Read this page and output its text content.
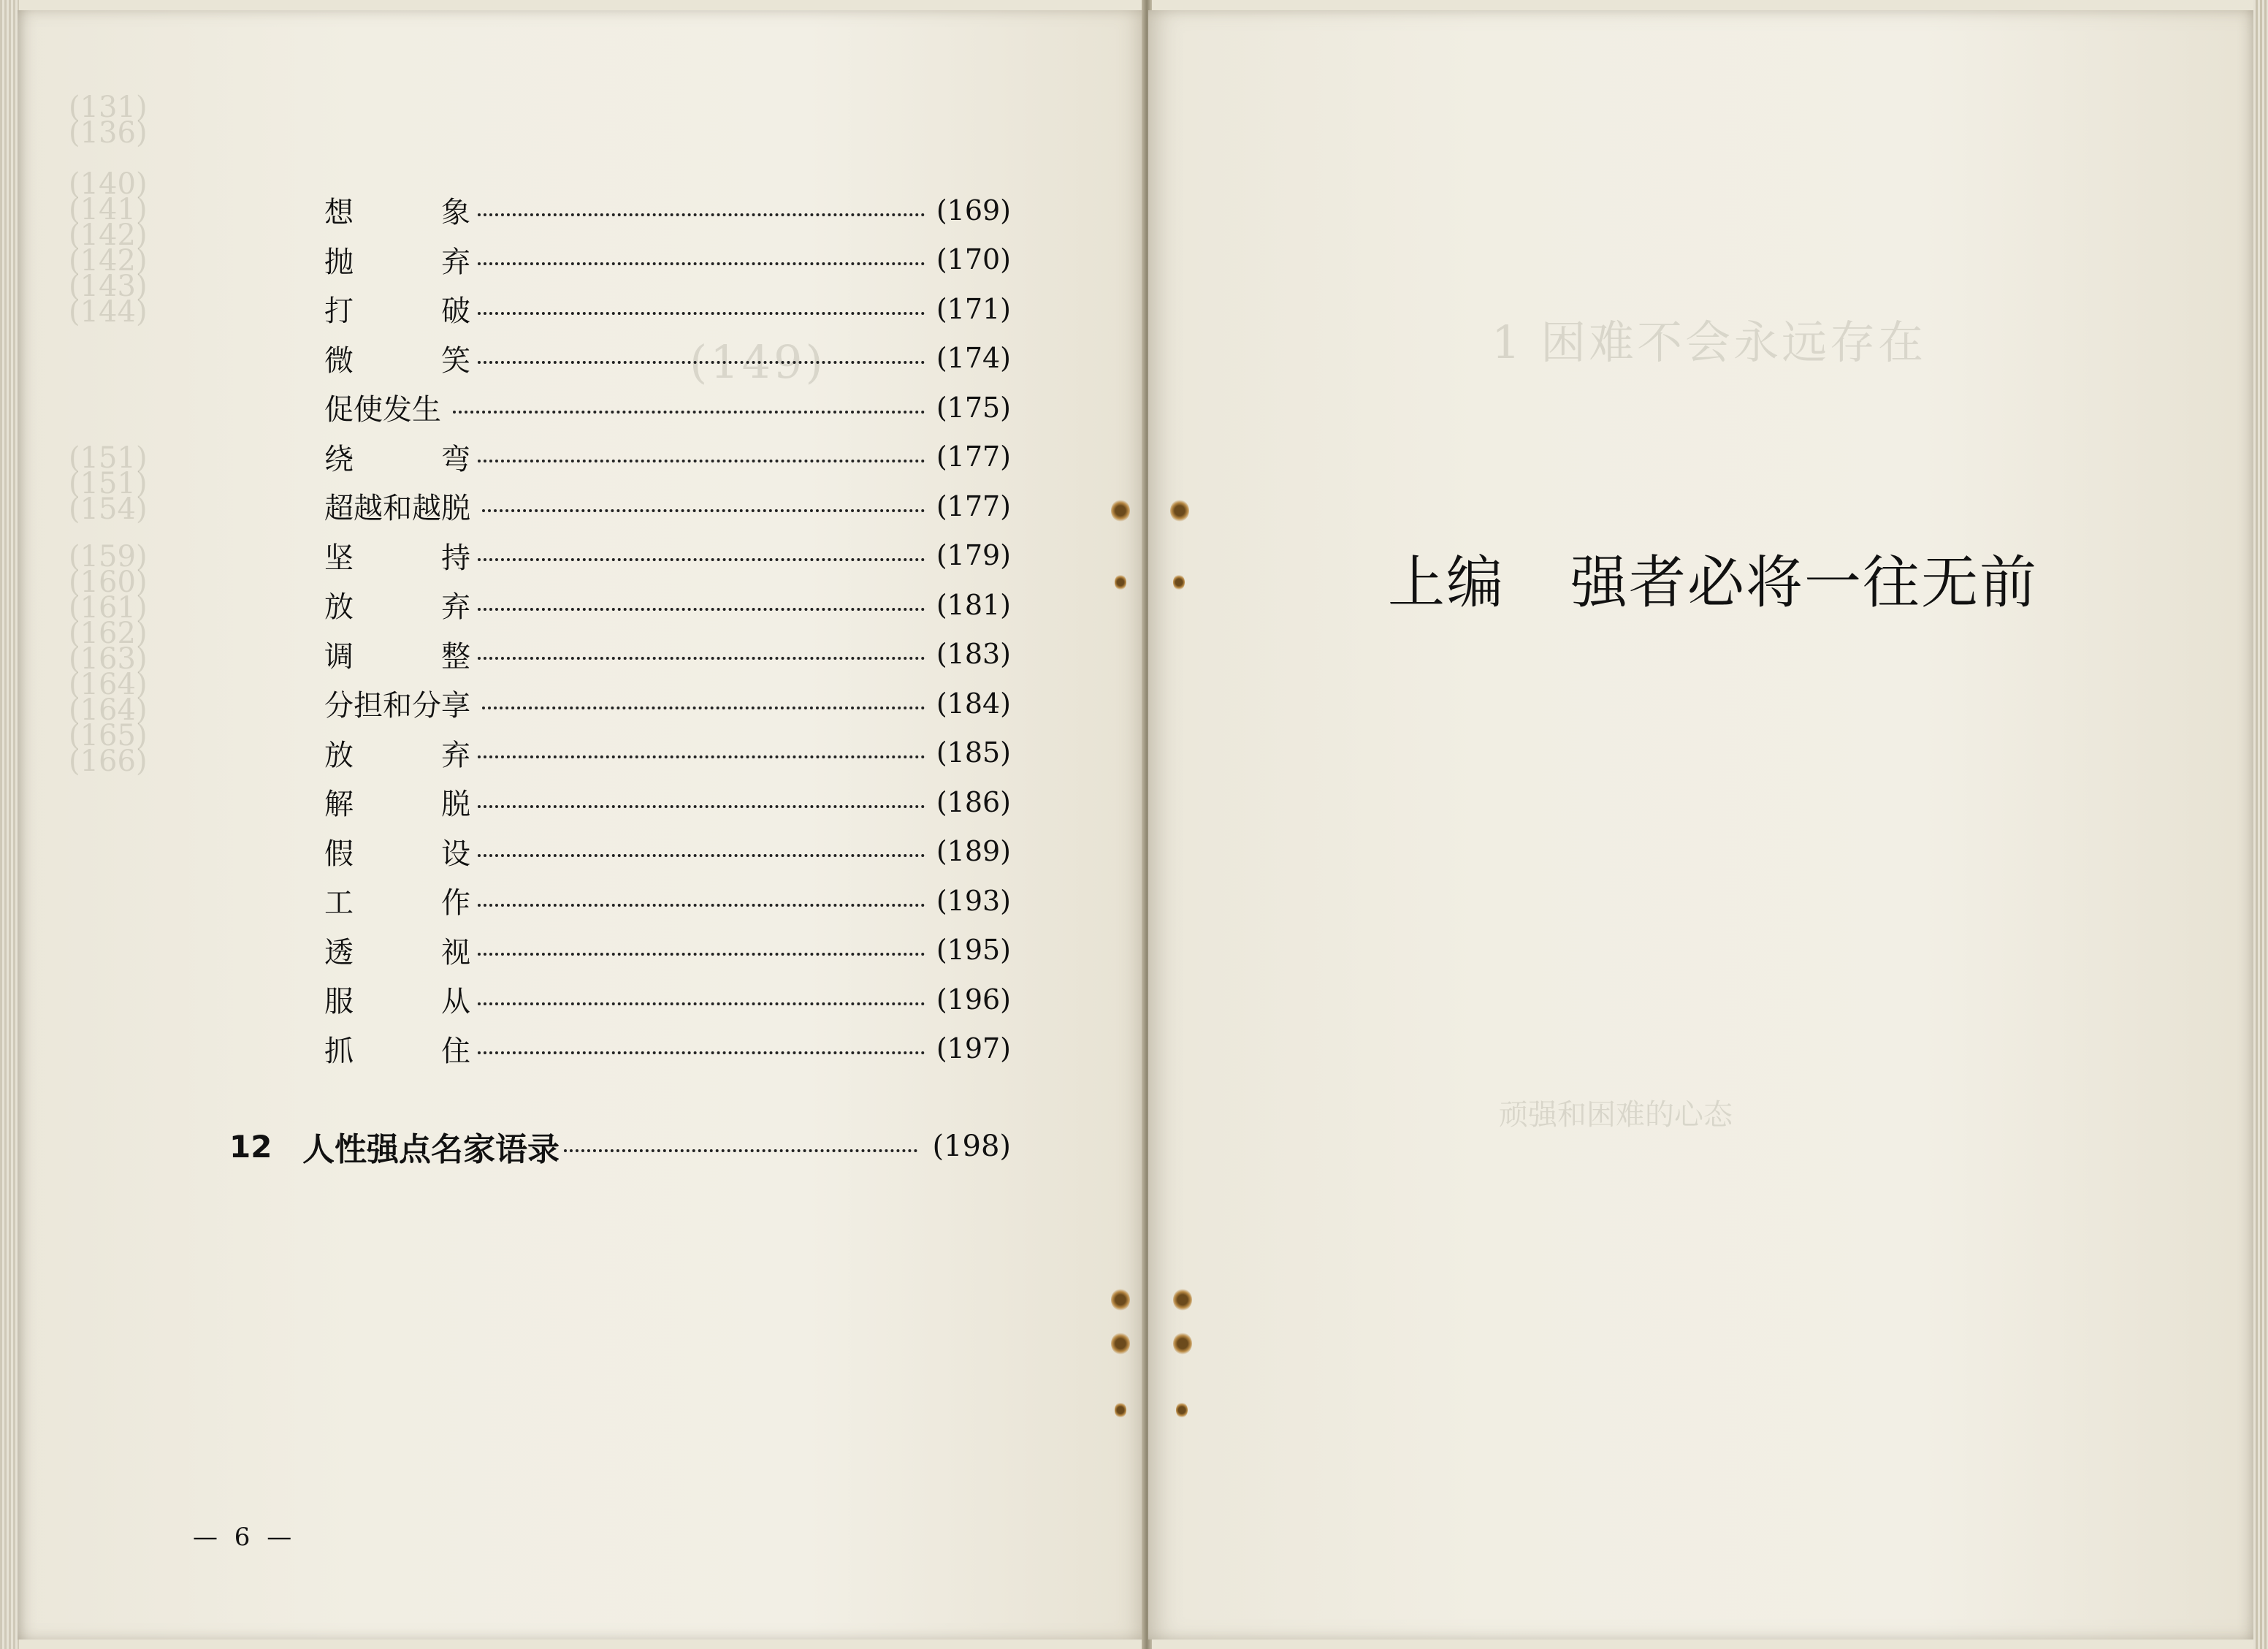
(131)
(136)
(140)
(141)
(142)
(142)
(143)
(144)
(149)
(151)
(151)
(154)
(159)
(160)
(161)
(162)
(163)
(164)
(164)
(165)
(166)
想	象	(169)
抛	弃	(170)
打	破	(171)
微	笑	(174)
促使发生	(175)
绕	弯	(177)
超越和越脱	(177)
坚	持	(179)
放	弃	(181)
调	整	(183)
分担和分享	(184)
放	弃	(185)
解	脱	(186)
假	设	(189)
工	作	(193)
透	视	(195)
服	从	(196)
抓	住	(197)
12 人性强点名家语录	(198)
— 6 —
1 困难不会永远存在
顽强和困难的心态
上编 强者必将一往无前
